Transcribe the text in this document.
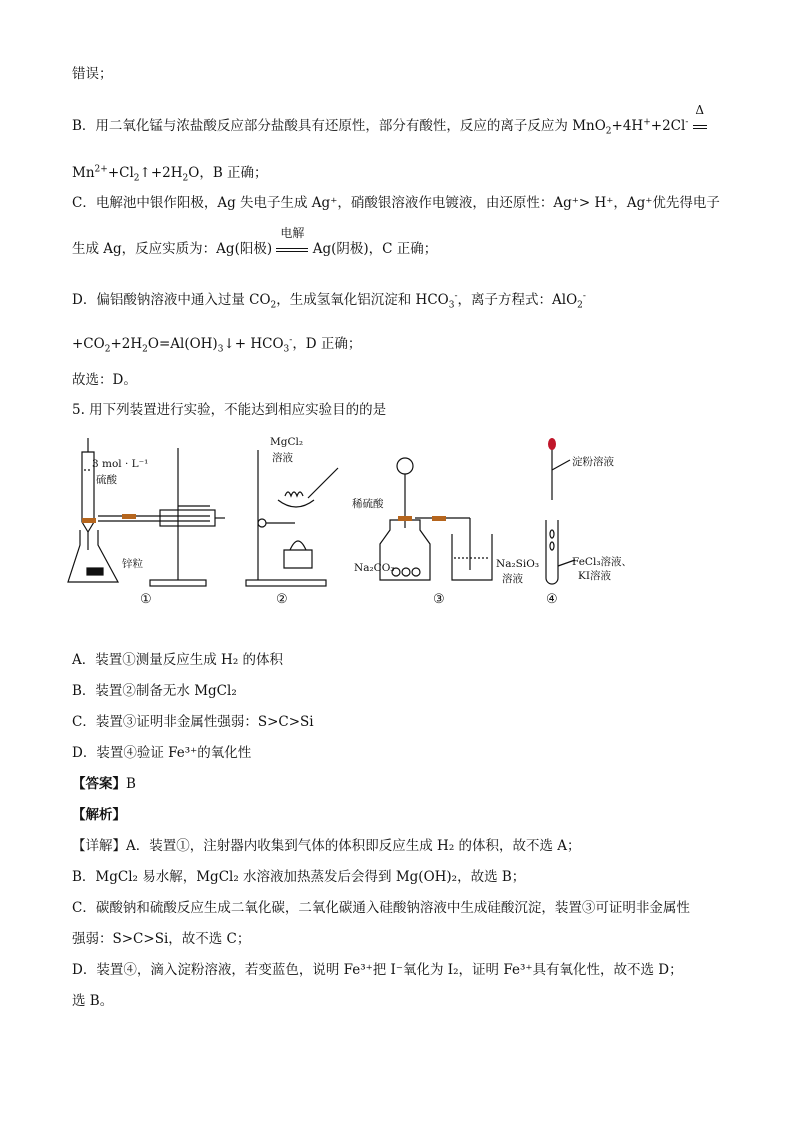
错误；
B．用二氧化锰与浓盐酸反应部分盐酸具有还原性，部分有酸性，反应的离子反应为 MnO$_2$+4H++2Cl-
Δ
$Mn^{2+}+Cl_2↑+2H_2O$，B 正确；
C．电解池中银作阳极，Ag 失电子生成 Ag⁺，硝酸银溶液作电镀液，由还原性：Ag⁺> H⁺，Ag⁺优先得电子
生成 Ag，反应实质为：Ag(阳极)
电解
Ag(阴极)，C 正确；
D．偏铝酸钠溶液中通入过量 $CO_2$，生成氢氧化铝沉淀和 $HCO_3^-$，离子方程式：AlO$_2$-
$+CO_2+2H_2O=Al(OH)_3↓+ HCO_3^-$，D 正确；
故选：D。
5. 用下列装置进行实验，不能达到相应实验目的的是
3 mol · L⁻¹
硫酸
锌粒
①
MgCl₂
溶液
②
稀硫酸
Na₂CO₃	Na₂SiO₃
溶液
③
淀粉溶液
FeCl₃溶液、
KI溶液
④
A．装置①测量反应生成 H₂ 的体积
B．装置②制备无水 MgCl₂
C．装置③证明非金属性强弱：S>C>Si
D．装置④验证 Fe³⁺的氧化性
【答案】B
【解析】
【详解】A．装置①，注射器内收集到气体的体积即反应生成 H₂ 的体积，故不选 A；
B．MgCl₂ 易水解，MgCl₂ 水溶液加热蒸发后会得到 Mg(OH)₂，故选 B；
C．碳酸钠和硫酸反应生成二氧化碳，二氧化碳通入硅酸钠溶液中生成硅酸沉淀，装置③可证明非金属性
强弱：S>C>Si，故不选 C；
D．装置④，滴入淀粉溶液，若变蓝色，说明 Fe³⁺把 I⁻氧化为 I₂，证明 Fe³⁺具有氧化性，故不选 D；
选 B。
